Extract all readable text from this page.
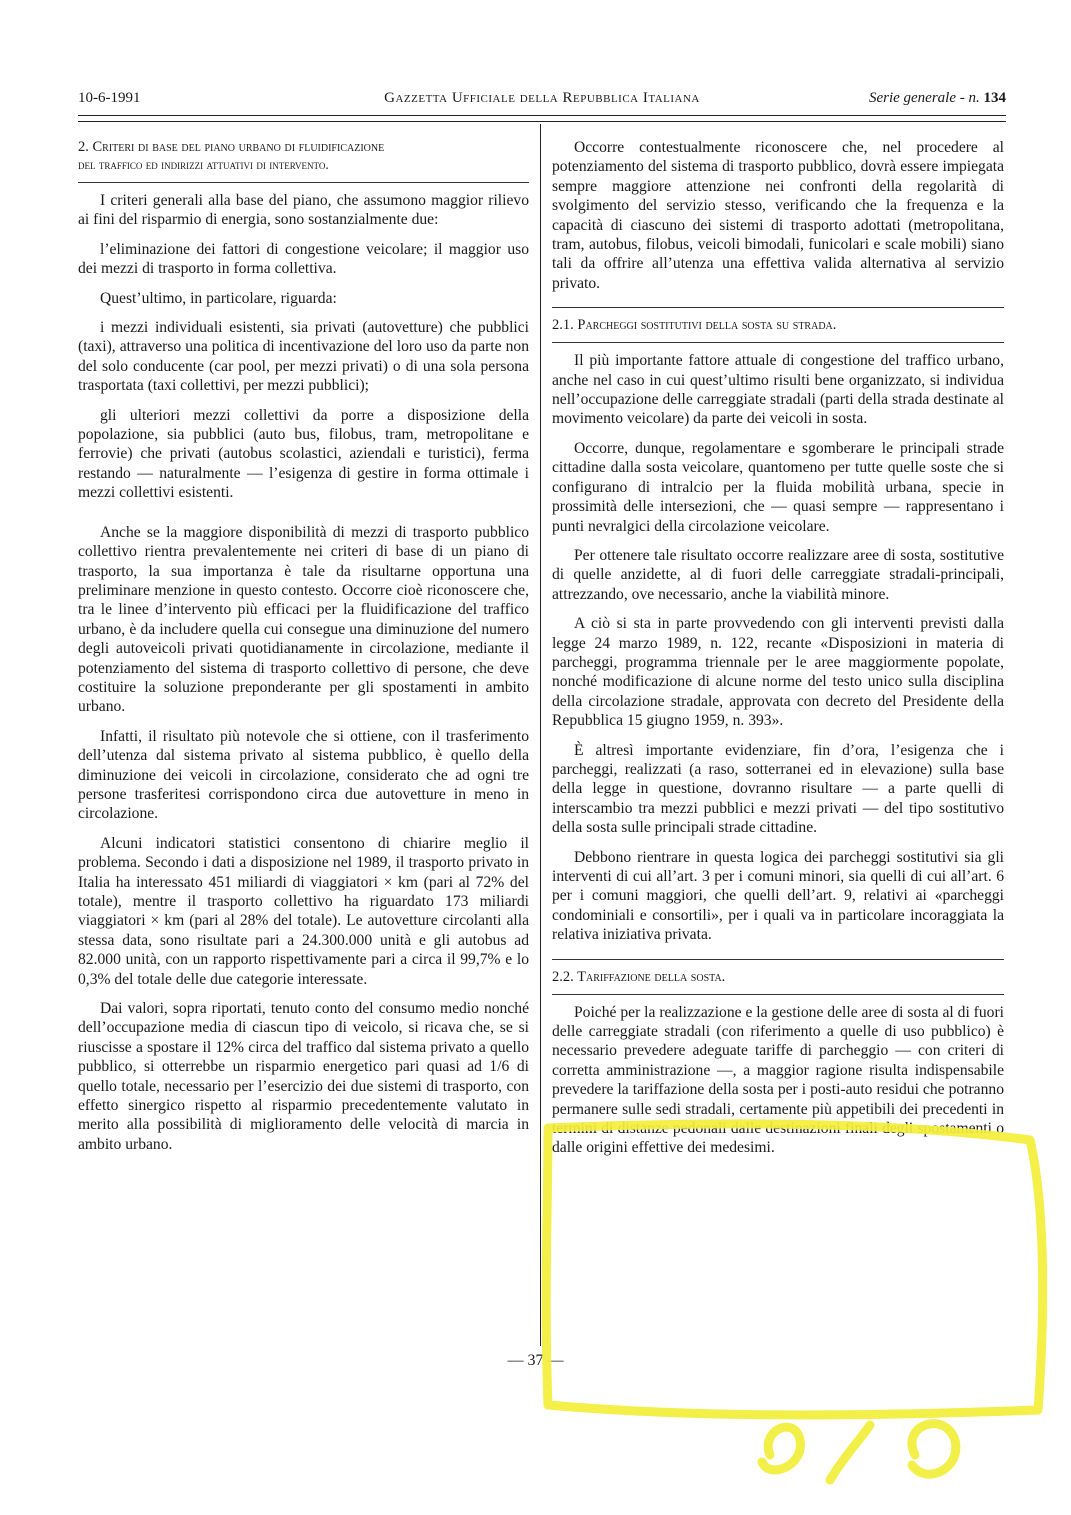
10-6-1991	Gazzetta Ufficiale della Repubblica Italiana	Serie generale - n. 134

2. Criteri di base del piano urbano di fluidificazione
del traffico ed indirizzi attuativi di intervento.

I criteri generali alla base del piano, che assumono maggior rilievo ai fini del risparmio di energia, sono sostanzialmente due:

l’eliminazione dei fattori di congestione veicolare; il maggior uso dei mezzi di trasporto in forma collettiva.

Quest’ultimo, in particolare, riguarda:

i mezzi individuali esistenti, sia privati (autovetture) che pubblici (taxi), attraverso una politica di incentivazione del loro uso da parte non del solo conducente (car pool, per mezzi privati) o di una sola persona trasportata (taxi collettivi, per mezzi pubblici);

gli ulteriori mezzi collettivi da porre a disposizione della popolazione, sia pubblici (auto bus, filobus, tram, metropolitane e ferrovie) che privati (autobus scolastici, aziendali e turistici), ferma restando — naturalmente — l’esigenza di gestire in forma ottimale i mezzi collettivi esistenti.

Anche se la maggiore disponibilità di mezzi di trasporto pubblico collettivo rientra prevalentemente nei criteri di base di un piano di trasporto, la sua importanza è tale da risultarne opportuna una preliminare menzione in questo contesto. Occorre cioè riconoscere che, tra le linee d’intervento più efficaci per la fluidificazione del traffico urbano, è da includere quella cui consegue una diminuzione del numero degli autoveicoli privati quotidianamente in circolazione, mediante il potenziamento del sistema di trasporto collettivo di persone, che deve costituire la soluzione preponderante per gli spostamenti in ambito urbano.

Infatti, il risultato più notevole che si ottiene, con il trasferimento dell’utenza dal sistema privato al sistema pubblico, è quello della diminuzione dei veicoli in circolazione, considerato che ad ogni tre persone trasferitesi corrispondono circa due autovetture in meno in circolazione.

Alcuni indicatori statistici consentono di chiarire meglio il problema. Secondo i dati a disposizione nel 1989, il trasporto privato in Italia ha interessato 451 miliardi di viaggiatori × km (pari al 72% del totale), mentre il trasporto collettivo ha riguardato 173 miliardi viaggiatori × km (pari al 28% del totale). Le autovetture circolanti alla stessa data, sono risultate pari a 24.300.000 unità e gli autobus ad 82.000 unità, con un rapporto rispettivamente pari a circa il 99,7% e lo 0,3% del totale delle due categorie interessate.

Dai valori, sopra riportati, tenuto conto del consumo medio nonché dell’occupazione media di ciascun tipo di veicolo, si ricava che, se si riuscisse a spostare il 12% circa del traffico dal sistema privato a quello pubblico, si otterrebbe un risparmio energetico pari quasi ad 1/6 di quello totale, necessario per l’esercizio dei due sistemi di trasporto, con effetto sinergico rispetto al risparmio precedentemente valutato in merito alla possibilità di miglioramento delle velocità di marcia in ambito urbano.

Occorre contestualmente riconoscere che, nel procedere al potenziamento del sistema di trasporto pubblico, dovrà essere impiegata sempre maggiore attenzione nei confronti della regolarità di svolgimento del servizio stesso, verificando che la frequenza e la capacità di ciascuno dei sistemi di trasporto adottati (metropolitana, tram, autobus, filobus, veicoli bimodali, funicolari e scale mobili) siano tali da offrire all’utenza una effettiva valida alternativa al servizio privato.

2.1. Parcheggi sostitutivi della sosta su strada.

Il più importante fattore attuale di congestione del traffico urbano, anche nel caso in cui quest’ultimo risulti bene organizzato, si individua nell’occupazione delle carreggiate stradali (parti della strada destinate al movimento veicolare) da parte dei veicoli in sosta.

Occorre, dunque, regolamentare e sgomberare le principali strade cittadine dalla sosta veicolare, quantomeno per tutte quelle soste che si configurano di intralcio per la fluida mobilità urbana, specie in prossimità delle intersezioni, che — quasi sempre — rappresentano i punti nevralgici della circolazione veicolare.

Per ottenere tale risultato occorre realizzare aree di sosta, sostitutive di quelle anzidette, al di fuori delle carreggiate stradali-principali, attrezzando, ove necessario, anche la viabilità minore.

A ciò si sta in parte provvedendo con gli interventi previsti dalla legge 24 marzo 1989, n. 122, recante «Disposizioni in materia di parcheggi, programma triennale per le aree maggiormente popolate, nonché modificazione di alcune norme del testo unico sulla disciplina della circolazione stradale, approvata con decreto del Presidente della Repubblica 15 giugno 1959, n. 393».

È altresì importante evidenziare, fin d’ora, l’esigenza che i parcheggi, realizzati (a raso, sotterranei ed in elevazione) sulla base della legge in questione, dovranno risultare — a parte quelli di interscambio tra mezzi pubblici e mezzi privati — del tipo sostitutivo della sosta sulle principali strade cittadine.

Debbono rientrare in questa logica dei parcheggi sostitutivi sia gli interventi di cui all’art. 3 per i comuni minori, sia quelli di cui all’art. 6 per i comuni maggiori, che quelli dell’art. 9, relativi ai «parcheggi condominiali e consortili», per i quali va in particolare incoraggiata la relativa iniziativa privata.

2.2. Tariffazione della sosta.

Poiché per la realizzazione e la gestione delle aree di sosta al di fuori delle carreggiate stradali (con riferimento a quelle di uso pubblico) è necessario prevedere adeguate tariffe di parcheggio — con criteri di corretta amministrazione —, a maggior ragione risulta indispensabile prevedere la tariffazione della sosta per i posti-auto residui che potranno permanere sulle sedi stradali, certamente più appetibili dei precedenti in termini di distanze pedonali dalle destinazioni finali degli spostamenti o dalle origini effettive dei medesimi.

— 37 —
